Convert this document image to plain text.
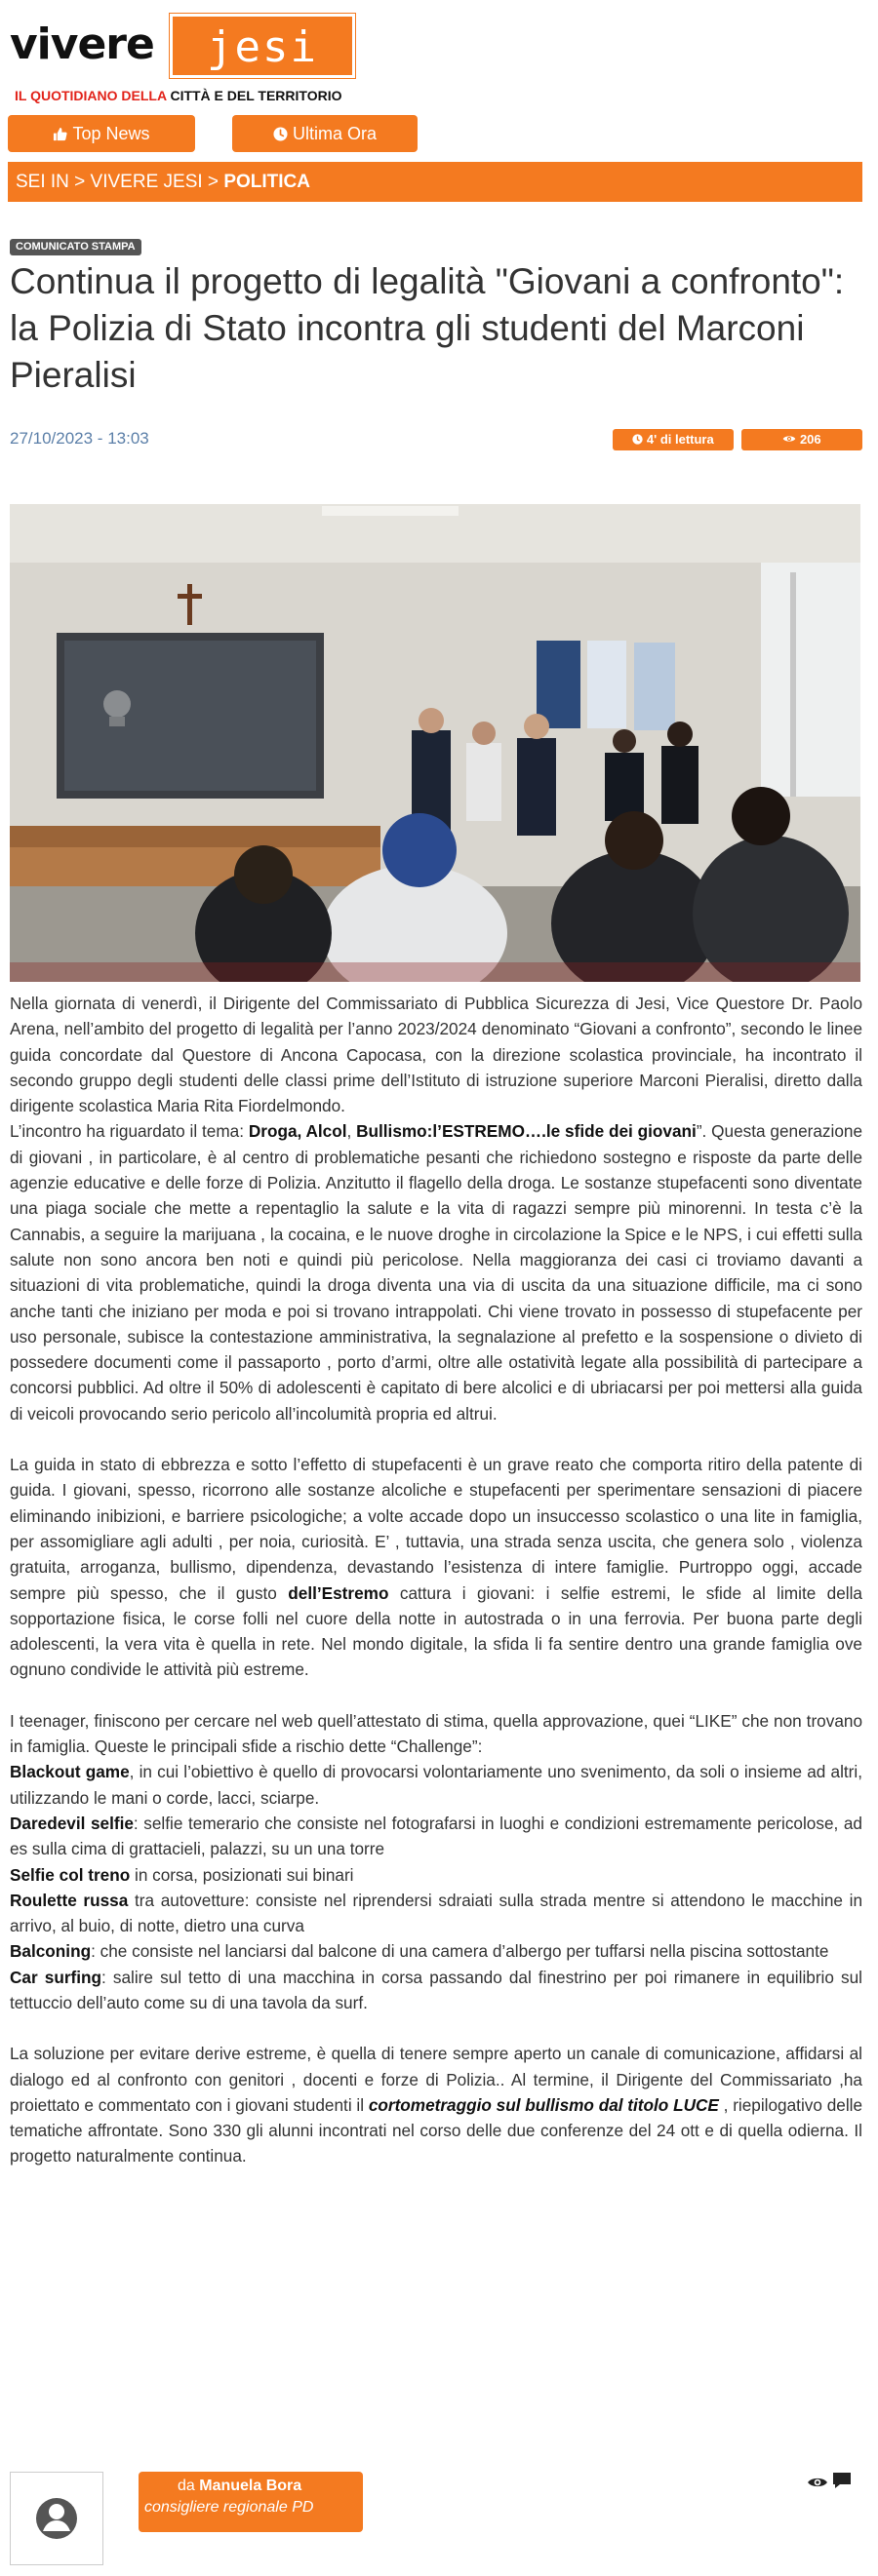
vivere	jesi
IL QUOTIDIANO DELLA CITTÀ E DEL TERRITORIO
Top News	Ultima Ora
SEI IN > VIVERE JESI > POLITICA
COMUNICATO STAMPA
Continua il progetto di legalità "Giovani a confronto": la Polizia di Stato incontra gli studenti del Marconi Pieralisi
27/10/2023 - 13:03	4' di lettura	206

Nella giornata di venerdì, il Dirigente del Commissariato di Pubblica Sicurezza di Jesi, Vice Questore Dr. Paolo Arena, nell’ambito del progetto di legalità per l’anno 2023/2024 denominato “Giovani a confronto”, secondo le linee guida concordate dal Questore di Ancona Capocasa, con la direzione scolastica provinciale, ha incontrato il secondo gruppo degli studenti delle classi prime dell’Istituto di istruzione superiore Marconi Pieralisi, diretto dalla dirigente scolastica Maria Rita Fiordelmondo.

L’incontro ha riguardato il tema: Droga, Alcol, Bullismo:l’ESTREMO….le sfide dei giovani”. Questa generazione di giovani , in particolare, è al centro di problematiche pesanti che richiedono sostegno e risposte da parte delle agenzie educative e delle forze di Polizia. Anzitutto il flagello della droga. Le sostanze stupefacenti sono diventate una piaga sociale che mette a repentaglio la salute e la vita di ragazzi sempre più minorenni. In testa c’è la Cannabis, a seguire la marijuana , la cocaina, e le nuove droghe in circolazione la Spice e le NPS, i cui effetti sulla salute non sono ancora ben noti e quindi più pericolose. Nella maggioranza dei casi ci troviamo davanti a situazioni di vita problematiche, quindi la droga diventa una via di uscita da una situazione difficile, ma ci sono anche tanti che iniziano per moda e poi si trovano intrappolati. Chi viene trovato in possesso di stupefacente per uso personale, subisce la contestazione amministrativa, la segnalazione al prefetto e la sospensione o divieto di possedere documenti come il passaporto , porto d’armi, oltre alle ostatività legate alla possibilità di partecipare a concorsi pubblici. Ad oltre il 50% di adolescenti è capitato di bere alcolici e di ubriacarsi per poi mettersi alla guida di veicoli provocando serio pericolo all’incolumità propria ed altrui.

La guida in stato di ebbrezza e sotto l’effetto di stupefacenti è un grave reato che comporta ritiro della patente di guida. I giovani, spesso, ricorrono alle sostanze alcoliche e stupefacenti per sperimentare sensazioni di piacere eliminando inibizioni, e barriere psicologiche; a volte accade dopo un insuccesso scolastico o una lite in famiglia, per assomigliare agli adulti , per noia, curiosità. E’ , tuttavia, una strada senza uscita, che genera solo , violenza gratuita, arroganza, bullismo, dipendenza, devastando l’esistenza di intere famiglie. Purtroppo oggi, accade sempre più spesso, che il gusto dell’Estremo cattura i giovani: i selfie estremi, le sfide al limite della sopportazione fisica, le corse folli nel cuore della notte in autostrada o in una ferrovia. Per buona parte degli adolescenti, la vera vita è quella in rete. Nel mondo digitale, la sfida li fa sentire dentro una grande famiglia ove ognuno condivide le attività più estreme.

I teenager, finiscono per cercare nel web quell’attestato di stima, quella approvazione, quei “LIKE” che non trovano in famiglia. Queste le principali sfide a rischio dette “Challenge”:

Blackout game, in cui l’obiettivo è quello di provocarsi volontariamente uno svenimento, da soli o insieme ad altri, utilizzando le mani o corde, lacci, sciarpe.

Daredevil selfie: selfie temerario che consiste nel fotografarsi in luoghi e condizioni estremamente pericolose, ad es sulla cima di grattacieli, palazzi, su un una torre

Selfie col treno in corsa, posizionati sui binari

Roulette russa tra autovetture: consiste nel riprendersi sdraiati sulla strada mentre si attendono le macchine in arrivo, al buio, di notte, dietro una curva

Balconing: che consiste nel lanciarsi dal balcone di una camera d’albergo per tuffarsi nella piscina sottostante

Car surfing: salire sul tetto di una macchina in corsa passando dal finestrino per poi rimanere in equilibrio sul tettuccio dell’auto come su di una tavola da surf.

La soluzione per evitare derive estreme, è quella di tenere sempre aperto un canale di comunicazione, affidarsi al dialogo ed al confronto con genitori , docenti e forze di Polizia.. Al termine, il Dirigente del Commissariato ,ha proiettato e commentato con i giovani studenti il cortometraggio sul bullismo dal titolo LUCE , riepilogativo delle tematiche affrontate. Sono 330 gli alunni incontrati nel corso delle due conferenze del 24 ott e di quella odierna. Il progetto naturalmente continua.

da Manuela Bora
consigliere regionale PD
